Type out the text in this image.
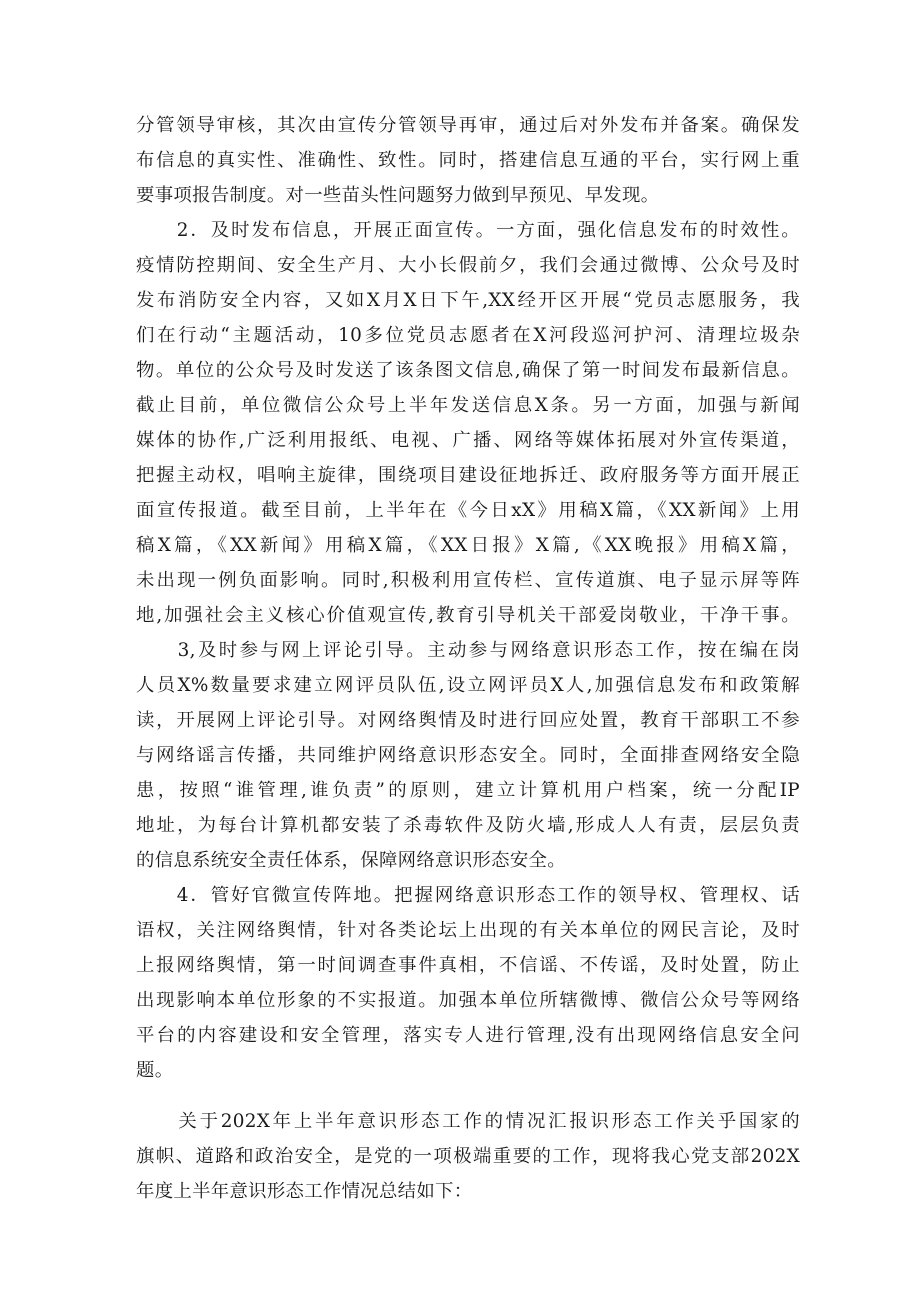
分管领导审核，其次由宣传分管领导再审，通过后对外发布并备案。确保发
布信息的真实性、准确性、致性。同时，搭建信息互通的平台，实行网上重
要事项报告制度。对一些苗头性问题努力做到早预见、早发现。
　　2．及时发布信息，开展正面宣传。一方面，强化信息发布的时效性。
疫情防控期间、安全生产月、大小长假前夕，我们会通过微博、公众号及时
发布消防安全内容，又如X月X日下午,XX经开区开展“党员志愿服务，我
们在行动“主题活动，10多位党员志愿者在X河段巡河护河、清理垃圾杂
物。单位的公众号及时发送了该条图文信息,确保了第一时间发布最新信息。
截止目前，单位微信公众号上半年发送信息X条。另一方面，加强与新闻
媒体的协作,广泛利用报纸、电视、广播、网络等媒体拓展对外宣传渠道，
把握主动权，唱响主旋律，围绕项目建设征地拆迁、政府服务等方面开展正
面宣传报道。截至目前，上半年在《今日xX》用稿X篇，《XX新闻》上用
稿X篇，《XX新闻》用稿X篇，《XX日报》X篇,《XX晚报》用稿X篇，
未出现一例负面影响。同时,积极利用宣传栏、宣传道旗、电子显示屏等阵
地,加强社会主义核心价值观宣传,教育引导机关干部爱岗敬业，干净干事。
　　3,及时参与网上评论引导。主动参与网络意识形态工作，按在编在岗
人员X%数量要求建立网评员队伍,设立网评员X人,加强信息发布和政策解
读，开展网上评论引导。对网络舆情及时进行回应处置，教育干部职工不参
与网络谣言传播，共同维护网络意识形态安全。同时，全面排查网络安全隐
患，按照“谁管理,谁负责”的原则，建立计算机用户档案，统一分配IP
地址，为每台计算机都安装了杀毒软件及防火墙,形成人人有责，层层负责
的信息系统安全责任体系，保障网络意识形态安全。
　　4．管好官微宣传阵地。把握网络意识形态工作的领导权、管理权、话
语权，关注网络舆情，针对各类论坛上出现的有关本单位的网民言论，及时
上报网络舆情，第一时间调查事件真相，不信谣、不传谣，及时处置，防止
出现影响本单位形象的不实报道。加强本单位所辖微博、微信公众号等网络
平台的内容建设和安全管理，落实专人进行管理,没有出现网络信息安全问
题。
　　关于202X年上半年意识形态工作的情况汇报识形态工作关乎国家的
旗帜、道路和政治安全，是党的一项极端重要的工作，现将我心党支部202X
年度上半年意识形态工作情况总结如下：
